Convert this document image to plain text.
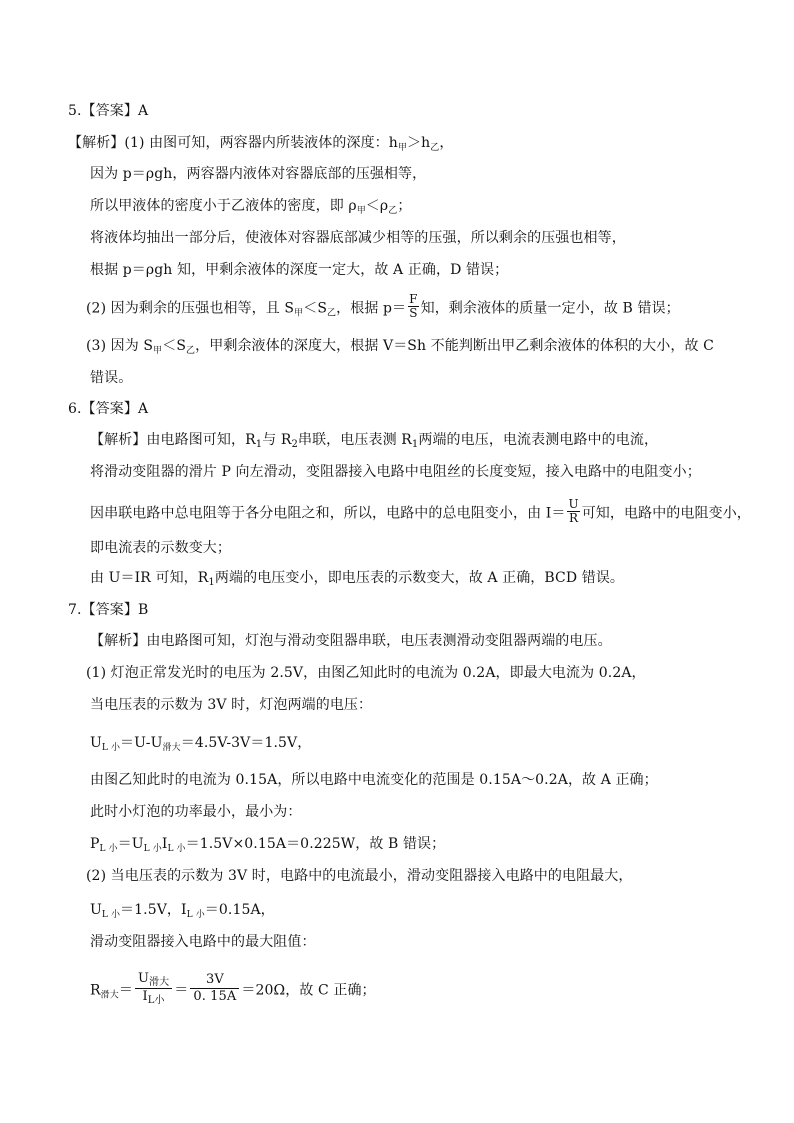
5.【答案】A
【解析】(1) 由图可知，两容器内所装液体的深度：$h_甲>h_乙$，
因为 p＝ρgh，两容器内液体对容器底部的压强相等，
所以甲液体的密度小于乙液体的密度，即 $\rho_甲<\rho_乙$；
将液体均抽出一部分后，使液体对容器底部减少相等的压强，所以剩余的压强也相等，
根据 p＝ρgh 知，甲剩余液体的深度一定大，故 A 正确，D 错误；
(2) 因为剩余的压强也相等，且 $S_甲<S_乙$，根据 $p= \frac{F}{S}$ 知，剩余液体的质量一定小，故 B 错误；
(3) 因为 $S_甲<S_乙$，甲剩余液体的深度大，根据 V＝Sh 不能判断出甲乙剩余液体的体积的大小，故 C
错误。
6.【答案】A
【解析】由电路图可知，$R_1$与 $R_2$串联，电压表测 $R_1$两端的电压，电流表测电路中的电流，
将滑动变阻器的滑片 P 向左滑动，变阻器接入电路中电阻丝的长度变短，接入电路中的电阻变小；
因串联电路中总电阻等于各分电阻之和，所以，电路中的总电阻变小，由 $I= \frac{U}{R}$ 可知，电路中的电阻变小，
即电流表的示数变大；
由 U＝IR 可知，$R_1$两端的电压变小，即电压表的示数变大，故 A 正确，BCD 错误。
7.【答案】B
【解析】由电路图可知，灯泡与滑动变阻器串联，电压表测滑动变阻器两端的电压。
(1) 灯泡正常发光时的电压为 2.5V，由图乙知此时的电流为 0.2A，即最大电流为 0.2A，
当电压表的示数为 3V 时，灯泡两端的电压：
$U_{L 小}=U-U_{滑大}=4.5V-3V=1.5V$，
由图乙知此时的电流为 0.15A，所以电路中电流变化的范围是 0.15A～0.2A，故 A 正确；
此时小灯泡的功率最小，最小为：
$P_{L 小}=U_{L 小}I_{L 小}=1.5V\times 0.15A=0.225W$，故 B 错误；
(2) 当电压表的示数为 3V 时，电路中的电流最小，滑动变阻器接入电路中的电阻最大，
$U_{L 小}=1.5V$，$I_{L 小}=0.15A$，
滑动变阻器接入电路中的最大阻值：
$R_{滑大}= \frac{U_{滑大}}{I_{L小}} = \frac{3V}{0. 15A} =20\Omega$，故 C 正确；
